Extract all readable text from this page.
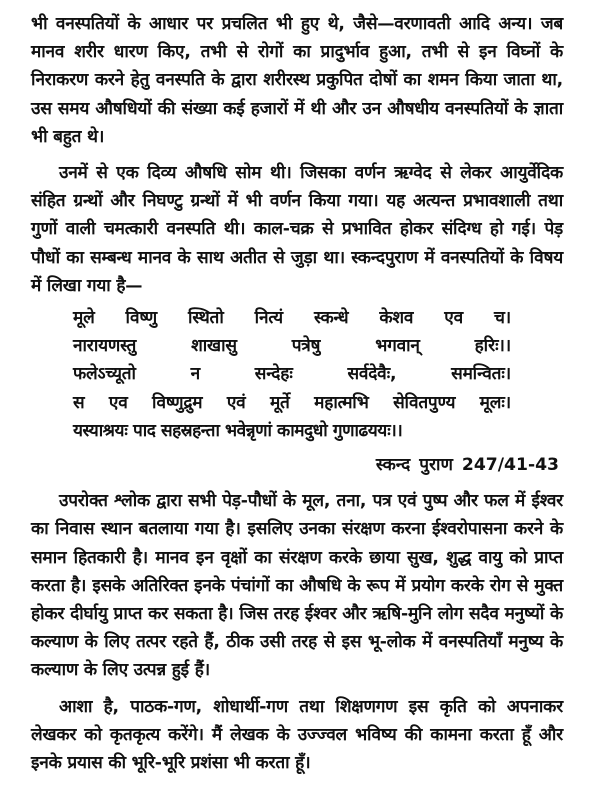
भी वनस्पतियों के आधार पर प्रचलित भी हुए थे, जैसे—वरणावती आदि अन्य। जब मानव शरीर धारण किए, तभी से रोगों का प्रादुर्भाव हुआ, तभी से इन विघ्नों के निराकरण करने हेतु वनस्पति के द्वारा शरीरस्थ प्रकुपित दोषों का शमन किया जाता था, उस समय औषधियों की संख्या कई हजारों में थी और उन औषधीय वनस्पतियों के ज्ञाता भी बहुत थे।

उनमें से एक दिव्य औषधि सोम थी। जिसका वर्णन ऋग्वेद से लेकर आयुर्वेदिक संहित ग्रन्थों और निघण्टु ग्रन्थों में भी वर्णन किया गया। यह अत्यन्त प्रभावशाली तथा गुणों वाली चमत्कारी वनस्पति थी। काल-चक्र से प्रभावित होकर संदिग्ध हो गई। पेड़ पौधों का सम्बन्ध मानव के साथ अतीत से जुड़ा था। स्कन्दपुराण में वनस्पतियों के विषय में लिखा गया है—

मूले विष्णु स्थितो नित्यं स्कन्धे केशव एव च।
नारायणस्तु शाखासु पत्रेषु भगवान् हरिः।।
फलेऽच्यूतो न सन्देहः सर्वदेवैः, समन्वितः।
स एव विष्णुद्रुम एवं मूर्ते महात्मभि सेवितपुण्य मूलः।
यस्याश्रयः पाद सहस्रहन्ता भवेन्नृणां कामदुधो गुणाढययः।।

स्कन्द पुराण 247/41-43

उपरोक्त श्लोक द्वारा सभी पेड़-पौधों के मूल, तना, पत्र एवं पुष्प और फल में ईश्वर का निवास स्थान बतलाया गया है। इसलिए उनका संरक्षण करना ईश्वरोपासना करने के समान हितकारी है। मानव इन वृक्षों का संरक्षण करके छाया सुख, शुद्ध वायु को प्राप्त करता है। इसके अतिरिक्त इनके पंचांगों का औषधि के रूप में प्रयोग करके रोग से मुक्त होकर दीर्घायु प्राप्त कर सकता है। जिस तरह ईश्वर और ऋषि-मुनि लोग सदैव मनुष्यों के कल्याण के लिए तत्पर रहते हैं, ठीक उसी तरह से इस भू-लोक में वनस्पतियाँ मनुष्य के कल्याण के लिए उत्पन्न हुई हैं।

आशा है, पाठक-गण, शोधार्थी-गण तथा शिक्षणगण इस कृति को अपनाकर लेखकर को कृतकृत्य करेंगे। मैं लेखक के उज्ज्वल भविष्य की कामना करता हूँ और इनके प्रयास की भूरि-भूरि प्रशंसा भी करता हूँ।
